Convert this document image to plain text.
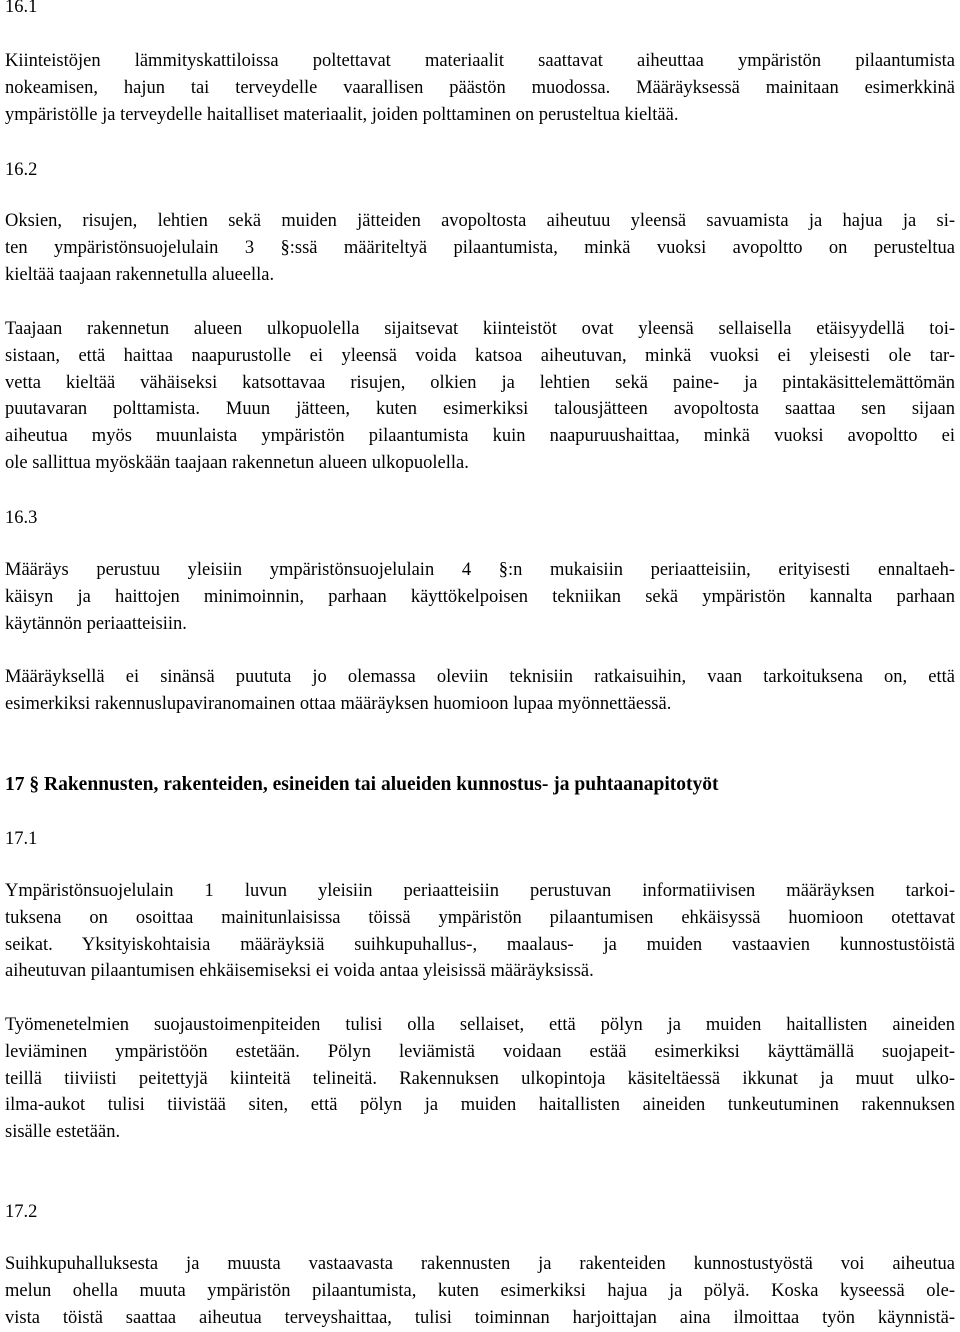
16.1
Kiinteistöjen lämmityskattiloissa poltettavat materiaalit saattavat aiheuttaa ympäristön pilaantumista
nokeamisen, hajun tai terveydelle vaarallisen päästön muodossa. Määräyksessä mainitaan esimerkkinä
ympäristölle ja terveydelle haitalliset materiaalit, joiden polttaminen on perusteltua kieltää.
16.2
Oksien, risujen, lehtien sekä muiden jätteiden avopoltosta aiheutuu yleensä savuamista ja hajua ja si-
ten ympäristönsuojelulain 3 §:ssä määriteltyä pilaantumista, minkä vuoksi avopoltto on perusteltua
kieltää taajaan rakennetulla alueella.
Taajaan rakennetun alueen ulkopuolella sijaitsevat kiinteistöt ovat yleensä sellaisella etäisyydellä toi-
sistaan, että haittaa naapurustolle ei yleensä voida katsoa aiheutuvan, minkä vuoksi ei yleisesti ole tar-
vetta kieltää vähäiseksi katsottavaa risujen, olkien ja lehtien sekä paine- ja pintakäsittelemättömän
puutavaran polttamista. Muun jätteen, kuten esimerkiksi talousjätteen avopoltosta saattaa sen sijaan
aiheutua myös muunlaista ympäristön pilaantumista kuin naapuruushaittaa, minkä vuoksi avopoltto ei
ole sallittua myöskään taajaan rakennetun alueen ulkopuolella.
16.3
Määräys perustuu yleisiin ympäristönsuojelulain 4 §:n mukaisiin periaatteisiin, erityisesti ennaltaeh-
käisyn ja haittojen minimoinnin, parhaan käyttökelpoisen tekniikan sekä ympäristön kannalta parhaan
käytännön periaatteisiin.
Määräyksellä ei sinänsä puututa jo olemassa oleviin teknisiin ratkaisuihin, vaan tarkoituksena on, että
esimerkiksi rakennuslupaviranomainen ottaa määräyksen huomioon lupaa myönnettäessä.
17 § Rakennusten, rakenteiden, esineiden tai alueiden kunnostus- ja puhtaanapitotyöt
17.1
Ympäristönsuojelulain 1 luvun yleisiin periaatteisiin perustuvan informatiivisen määräyksen tarkoi-
tuksena on osoittaa mainitunlaisissa töissä ympäristön pilaantumisen ehkäisyssä huomioon otettavat
seikat. Yksityiskohtaisia määräyksiä suihkupuhallus-, maalaus- ja muiden vastaavien kunnostustöistä
aiheutuvan pilaantumisen ehkäisemiseksi ei voida antaa yleisissä määräyksissä.
Työmenetelmien suojaustoimenpiteiden tulisi olla sellaiset, että pölyn ja muiden haitallisten aineiden
leviäminen ympäristöön estetään. Pölyn leviämistä voidaan estää esimerkiksi käyttämällä suojapeit-
teillä tiiviisti peitettyjä kiinteitä telineitä. Rakennuksen ulkopintoja käsiteltäessä ikkunat ja muut ulko-
ilma-aukot tulisi tiivistää siten, että pölyn ja muiden haitallisten aineiden tunkeutuminen rakennuksen
sisälle estetään.
17.2
Suihkupuhalluksesta ja muusta vastaavasta rakennusten ja rakenteiden kunnostustyöstä voi aiheutua
melun ohella muuta ympäristön pilaantumista, kuten esimerkiksi hajua ja pölyä. Koska kyseessä ole-
vista töistä saattaa aiheutua terveyshaittaa, tulisi toiminnan harjoittajan aina ilmoittaa työn käynnistä-
